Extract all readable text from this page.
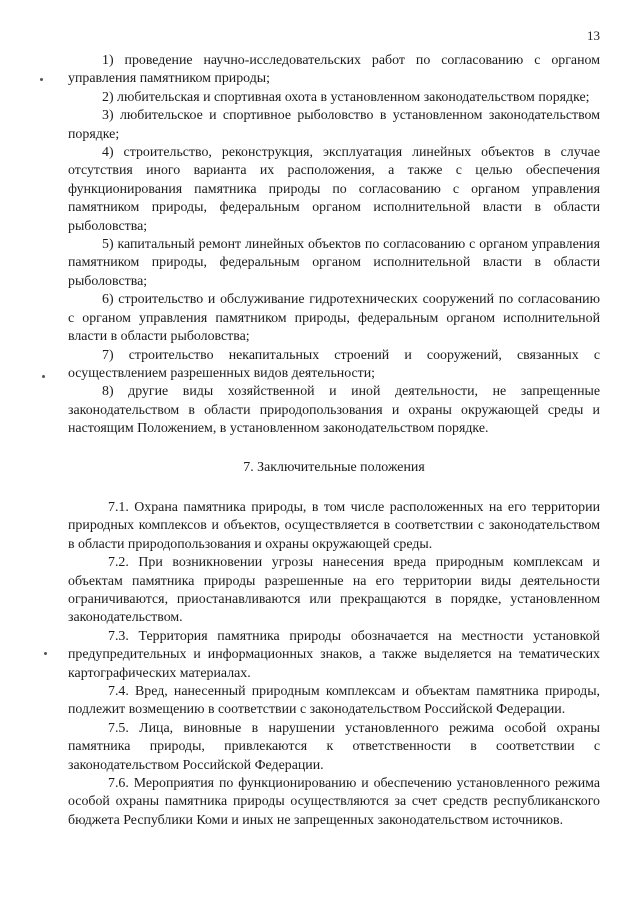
13

1) проведение научно-исследовательских работ по согласованию с органом управления памятником природы;

2) любительская и спортивная охота в установленном законодательством порядке;

3) любительское и спортивное рыболовство в установленном законодательством порядке;

4) строительство, реконструкция, эксплуатация линейных объектов в случае отсутствия иного варианта их расположения, а также с целью обеспечения функционирования памятника природы по согласованию с органом управления памятником природы, федеральным органом исполнительной власти в области рыболовства;

5) капитальный ремонт линейных объектов по согласованию с органом управления памятником природы, федеральным органом исполнительной власти в области рыболовства;

6) строительство и обслуживание гидротехнических сооружений по согласованию с органом управления памятником природы, федеральным органом исполнительной власти в области рыболовства;

7) строительство некапитальных строений и сооружений, связанных с осуществлением разрешенных видов деятельности;

8) другие виды хозяйственной и иной деятельности, не запрещенные законодательством в области природопользования и охраны окружающей среды и настоящим Положением, в установленном законодательством порядке.

7. Заключительные положения

7.1. Охрана памятника природы, в том числе расположенных на его территории природных комплексов и объектов, осуществляется в соответствии с законодательством в области природопользования и охраны окружающей среды.

7.2. При возникновении угрозы нанесения вреда природным комплексам и объектам памятника природы разрешенные на его территории виды деятельности ограничиваются, приостанавливаются или прекращаются в порядке, установленном законодательством.

7.3. Территория памятника природы обозначается на местности установкой предупредительных и информационных знаков, а также выделяется на тематических картографических материалах.

7.4. Вред, нанесенный природным комплексам и объектам памятника природы, подлежит возмещению в соответствии с законодательством Российской Федерации.

7.5. Лица, виновные в нарушении установленного режима особой охраны памятника природы, привлекаются к ответственности в соответствии с законодательством Российской Федерации.

7.6. Мероприятия по функционированию и обеспечению установленного режима особой охраны памятника природы осуществляются за счет средств республиканского бюджета Республики Коми и иных не запрещенных законодательством источников.
